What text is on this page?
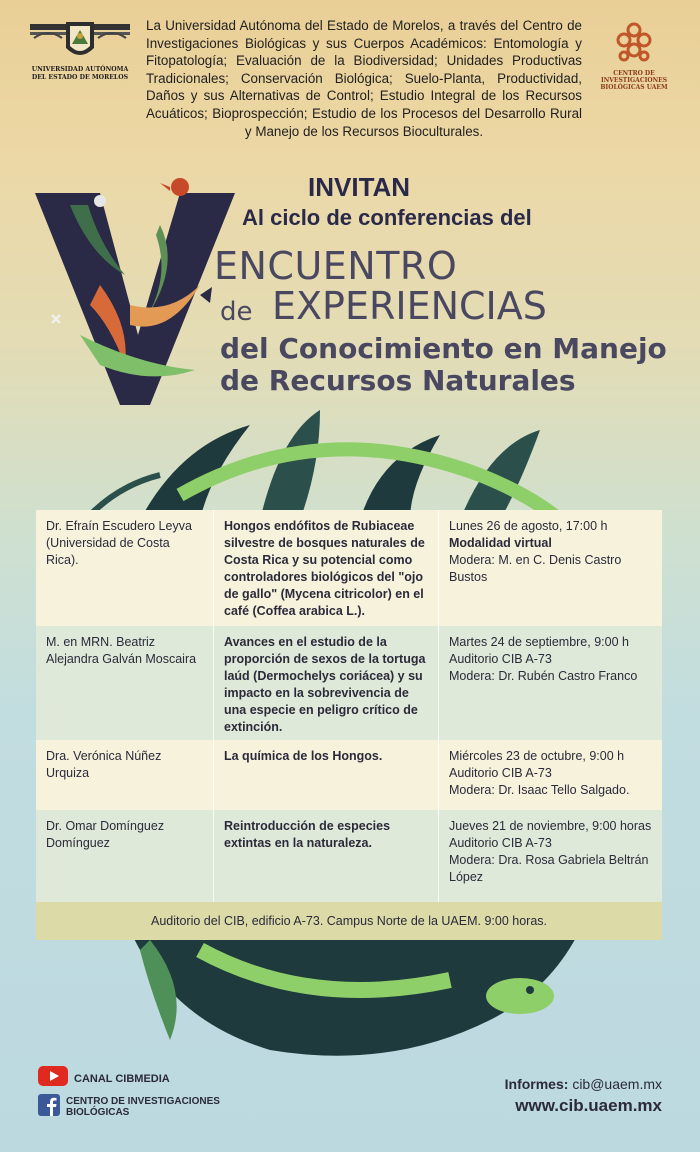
UNIVERSIDAD AUTÓNOMA DEL ESTADO DE MORELOS
La Universidad Autónoma del Estado de Morelos, a través del Centro de Investigaciones Biológicas y sus Cuerpos Académicos: Entomología y Fitopatología; Evaluación de la Biodiversidad; Unidades Productivas Tradicionales; Conservación Biológica; Suelo-Planta, Productividad, Daños y sus Alternativas de Control; Estudio Integral de los Recursos Acuáticos; Bioprospección; Estudio de los Procesos del Desarrollo Rural y Manejo de los Recursos Bioculturales.
CENTRO DE INVESTIGACIONES BIOLÓGICAS UAEM
INVITAN
Al ciclo de conferencias del
ENCUENTRO
de EXPERIENCIAS
del Conocimiento en Manejo
de Recursos Naturales
Dr. Efraín Escudero Leyva (Universidad de Costa Rica).
Hongos endófitos de Rubiaceae silvestre de bosques naturales de Costa Rica y su potencial como controladores biológicos del "ojo de gallo" (Mycena citricolor) en el café (Coffea arabica L.).
Lunes 26 de agosto, 17:00 h
Modalidad virtual
Modera: M. en C. Denis Castro Bustos
M. en MRN. Beatriz Alejandra Galván Moscaira
Avances en el estudio de la proporción de sexos de la tortuga laúd (Dermochelys coriácea) y su impacto en la sobrevivencia de una especie en peligro crítico de extinción.
Martes 24 de septiembre, 9:00 h
Auditorio CIB A-73
Modera: Dr. Rubén Castro Franco
Dra. Verónica Núñez Urquiza
La química de los Hongos.	Miércoles 23 de octubre, 9:00 h
Auditorio CIB A-73
Modera: Dr. Isaac Tello Salgado.
Dr. Omar Domínguez Domínguez
Reintroducción de especies extintas en la naturaleza.
Jueves 21 de noviembre, 9:00 horas
Auditorio CIB A-73
Modera: Dra. Rosa Gabriela Beltrán López
Auditorio del CIB, edificio A-73. Campus Norte de la UAEM. 9:00 horas.
CANAL CIBMEDIA
CENTRO DE INVESTIGACIONES BIOLÓGICAS
Informes: cib@uaem.mx
www.cib.uaem.mx
